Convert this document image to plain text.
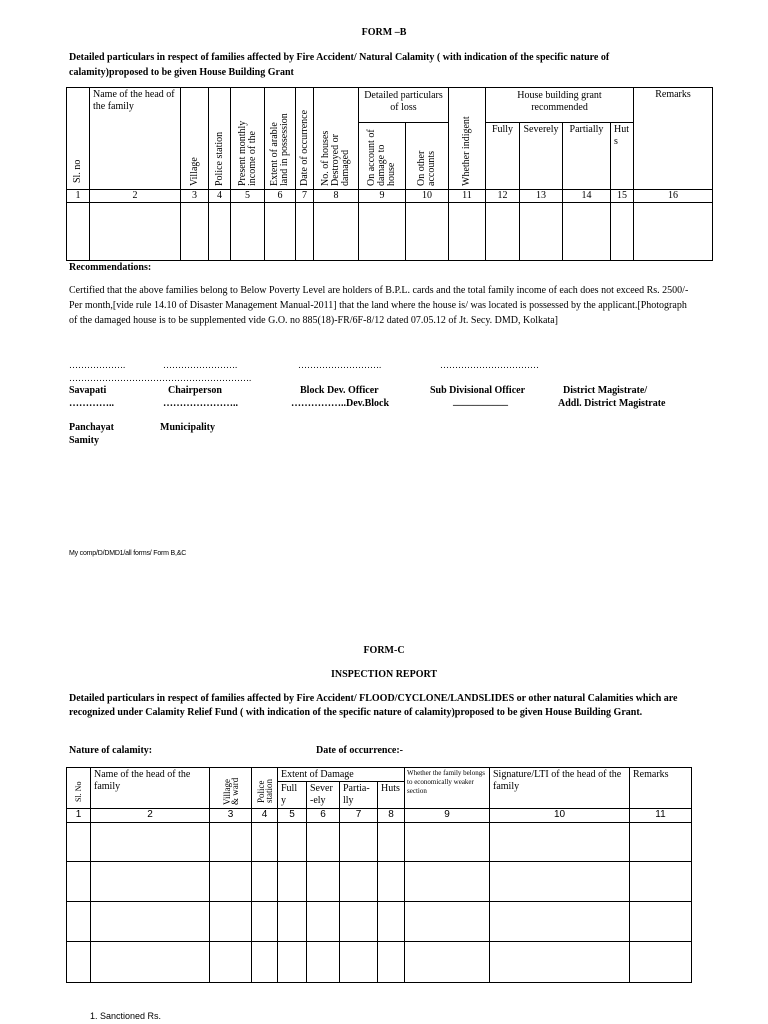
FORM –B
Detailed particulars in respect of families affected by Fire Accident/ Natural Calamity ( with indication of the specific nature of calamity)proposed to be given House Building Grant
Sl. no	Name of the head of the family	Village	Police station	Present monthly income of the	Extent of arable land in possession	Date of occurrence	No. of houses Destroyed or damaged	Detailed particulars of loss		Whether indigent	House building grant recommended				Remarks

								On account of damage to house	On other accounts		Fully	Severely	Partially	Hut s	

1	2	3	4	5	6	7	8	9	10	11	12	13	14	15	16

Recommendations:
Certified that the above families belong to Below Poverty Level are holders of B.P.L. cards and the total family income of each does not exceed Rs. 2500/- Per month,[vide rule 14.10 of Disaster Management Manual-2011] that the land where the house is/ was located is possessed by the applicant.[Photograph of the damaged house is to be supplemented vide G.O. no 885(18)-FR/6F-8/12 dated 07.05.12 of Jt. Secy. DMD, Kolkata]
……………….	…………………….	……………………….	……………………………
…………………………………………………….
Savapati
…………..
Chairperson
…………………..
Block Dev. Officer
……………..Dev.Block
Sub Divisional Officer
___________
District Magistrate/
Addl. District Magistrate
Panchayat
Samity
Municipality
My comp/D/DMD1/all forms/ Form B,&C
FORM-C
INSPECTION REPORT
Detailed particulars in respect of families affected by Fire Accident/ FLOOD/CYCLONE/LANDSLIDES or other natural Calamities which are recognized under Calamity Relief Fund ( with indication of the specific nature of calamity)proposed to be given House Building Grant.
Nature of calamity:	Date of occurrence:-
Sl. No	Name of the head of the family	Village & ward	Police station	Extent of Damage				Whether the family belongs to economically weaker section	Signature/LTI of the head of the family	Remarks

				Full y	Sever -ely	Partia- lly	Huts			

1	2	3	4	5	6	7	8	9	10	11

1. Sanctioned Rs.
